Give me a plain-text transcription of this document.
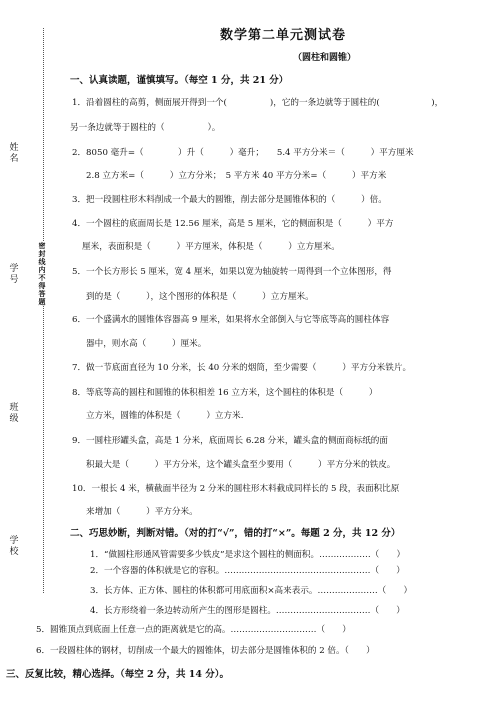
姓名
学号
班级
学校
密封线内不得答题
数学第二单元测试卷
（圆柱和圆锥）
一、认真读题，谨慎填写。（每空 1 分，共 21 分）
1．沿着圆柱的高剪，侧面展开得到一个(　　　　　)，它的一条边就等于圆柱的(　　　　　　)，
另一条边就等于圆柱的（　　　　　）。
2．8050 毫升=（　　　　）升（　　　）毫升；　　5.4 平方分米＝（　　　）平方厘米
2.8 立方米=（　　　）立方分米；　5 平方米 40 平方分米=（　　　）平方米
3．把一段圆柱形木料削成一个最大的圆锥，削去部分是圆锥体积的（　　　）倍。
4．一个圆柱的底面周长是 12.56 厘米，高是 5 厘米，它的侧面积是（　　　）平方
厘米，表面积是（　　　）平方厘米，体积是（　　　）立方厘米。
5．一个长方形长 5 厘米，宽 4 厘米，如果以宽为轴旋转一周得到一个立体图形，得
到的是（　　　），这个图形的体积是（　　　）立方厘米。
6．一个盛满水的圆锥体容器高 9 厘米，如果将水全部倒入与它等底等高的圆柱体容
器中，则水高（　　　）厘米。
7．做一节底面直径为 10 分米，长 40 分米的烟筒，至少需要（　　　）平方分米铁片。
8．等底等高的圆柱和圆锥的体积相差 16 立方米，这个圆柱的体积是（　　　）
立方米，圆锥的体积是（　　　）立方米.
9．一圆柱形罐头盒，高是 1 分米，底面周长 6.28 分米，罐头盒的侧面商标纸的面
积最大是（　　　）平方分米，这个罐头盒至少要用（　　　）平方分米的铁皮。
10．一根长 4 米，横截面半径为 2 分米的圆柱形木料截成同样长的 5 段，表面积比原
来增加（　　　）平方分米。
二、巧思妙断，判断对错。（对的打“√”，错的打“×”。每题 2 分，共 12 分）
1．“做圆柱形通风管需要多少铁皮”是求这个圆柱的侧面积。………………（　　）
2．一个容器的体积就是它的容积。……………………………………………（　　）
3．长方体、正方体、圆柱的体积都可用底面积×高来表示。…………………（　　）
4．长方形绕着一条边转动所产生的图形是圆柱。……………………………（　　）
5．圆锥顶点到底面上任意一点的距离就是它的高。…………………………（　　）
6．一段圆柱体的钢材，切削成一个最大的圆锥体，切去部分是圆锥体积的 2 倍。（　　）
三、反复比较，精心选择。（每空 2 分，共 14 分）。
